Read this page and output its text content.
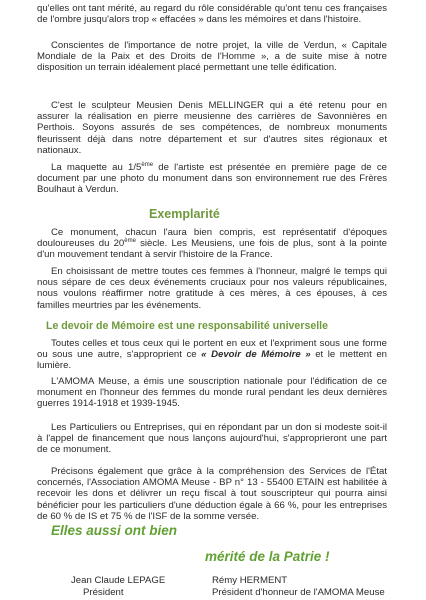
qu'elles ont tant mérité, au regard du rôle considérable qu'ont tenu ces françaises de l'ombre jusqu'alors trop « effacées » dans les mémoires et dans l'histoire.

Conscientes de l'importance de notre projet, la ville de Verdun, « Capitale Mondiale de la Paix et des Droits de l'Homme », a de suite mise à notre disposition un terrain idéalement placé permettant une telle édification.

C'est le sculpteur Meusien Denis MELLINGER qui a été retenu pour en assurer la réalisation en pierre meusienne des carrières de Savonnières en Perthois. Soyons assurés de ses compétences, de nombreux monuments fleurissent déjà dans notre département et sur d'autres sites régionaux et nationaux.

La maquette au 1/5ème de l'artiste est présentée en première page de ce document par une photo du monument dans son environnement rue des Frères Boulhaut à Verdun.

Exemplarité

Ce monument, chacun l'aura bien compris, est représentatif d'époques douloureuses du 20ème siècle. Les Meusiens, une fois de plus, sont à la pointe d'un mouvement tendant à servir l'histoire de la France.

En choisissant de mettre toutes ces femmes à l'honneur, malgré le temps qui nous sépare de ces deux événements cruciaux pour nos valeurs républicaines, nous voulons réaffirmer notre gratitude à ces mères, à ces épouses, à ces familles meurtries par les événements.

Le devoir de Mémoire est une responsabilité universelle

Toutes celles et tous ceux qui le portent en eux et l'expriment sous une forme ou sous une autre, s'approprient ce « Devoir de Mémoire » et le mettent en lumière.

L'AMOMA Meuse, a émis une souscription nationale pour l'édification de ce monument en l'honneur des femmes du monde rural pendant les deux dernières guerres 1914-1918 et 1939-1945.

Les Particuliers ou Entreprises, qui en répondant par un don si modeste soit-il à l'appel de financement que nous lançons aujourd'hui, s'approprieront une part de ce monument.

Précisons également que grâce à la compréhension des Services de l'État concernés, l'Association AMOMA Meuse - BP n° 13 - 55400 ETAIN est habilitée à recevoir les dons et délivrer un reçu fiscal à tout souscripteur qui pourra ainsi bénéficier pour les particuliers d'une déduction égale à 66 %, pour les entreprises de 60 % de IS et 75 % de l'ISF de la somme versée.

Elles aussi ont bien
mérité de la Patrie !
Jean Claude LEPAGE
Président
Rémy HERMENT
Président d'honneur de l'AMOMA Meuse
